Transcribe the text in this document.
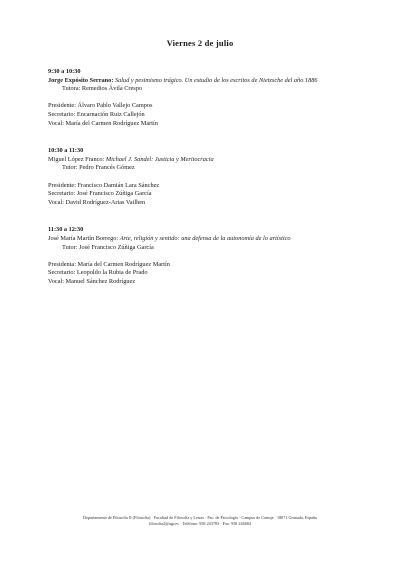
Viernes 2 de julio
9:30 a 10:30
Jorge Expósito Serrano: Salud y pesimismo trágico. Un estudio de los escritos de Nietzsche del año 1886
Tutora: Remedios Ávila Crespo
Presidente: Álvaro Pablo Vallejo Campos
Secretario: Encarnación Ruiz Callejón
Vocal: María del Carmen Rodríguez Martín
10:30 a 11:30
Miguel López Franco: Michael J. Sandel: Justicia y Meritocracia
Tutor: Pedro Francés Gómez
Presidente: Francisco Damián Lara Sánchez
Secretario: José Francisco Zúñiga García
Vocal: David Rodríguez-Arias Vailhen
11:30 a 12:30
José María Martín Borrego: Arte, religión y sentido: una defensa de la autonomía de lo artístico
Tutor: José Francisco Zúñiga García
Presidenta: María del Carmen Rodríguez Martín
Secretario: Leopoldo la Rubia de Prado
Vocal: Manuel Sánchez Rodríguez
Departamento de Filosofía II (Filosofía) · Facultad de Filosofía y Letras · Fac. de Psicología · Campus de Cartuja · 18071 Granada, España
filosofia2@ugr.es · Teléfono: 958 243783 · Fax: 958 246684
